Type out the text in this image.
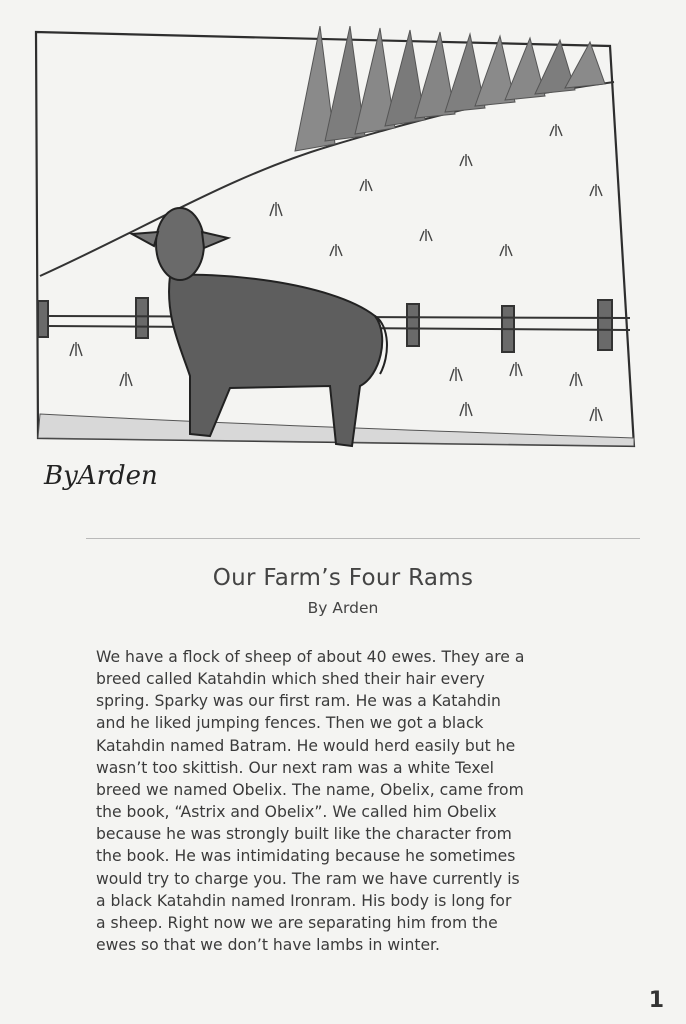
ByArden
Our Farm’s Four Rams
By Arden
We have a flock of sheep of about 40 ewes. They are a
breed called Katahdin which shed their hair every
spring. Sparky was our first ram. He was a Katahdin
and he liked jumping fences. Then we got a black
Katahdin named Batram. He would herd easily but he
wasn’t too skittish. Our next ram was a white Texel
breed we named Obelix. The name, Obelix, came from
the book, “Astrix and Obelix”. We called him Obelix
because he was strongly built like the character from
the book. He was intimidating because he sometimes
would try to charge you. The ram we have currently is
a black Katahdin named Ironram. His body is long for
a sheep. Right now we are separating him from the
ewes so that we don’t have lambs in winter.
1
